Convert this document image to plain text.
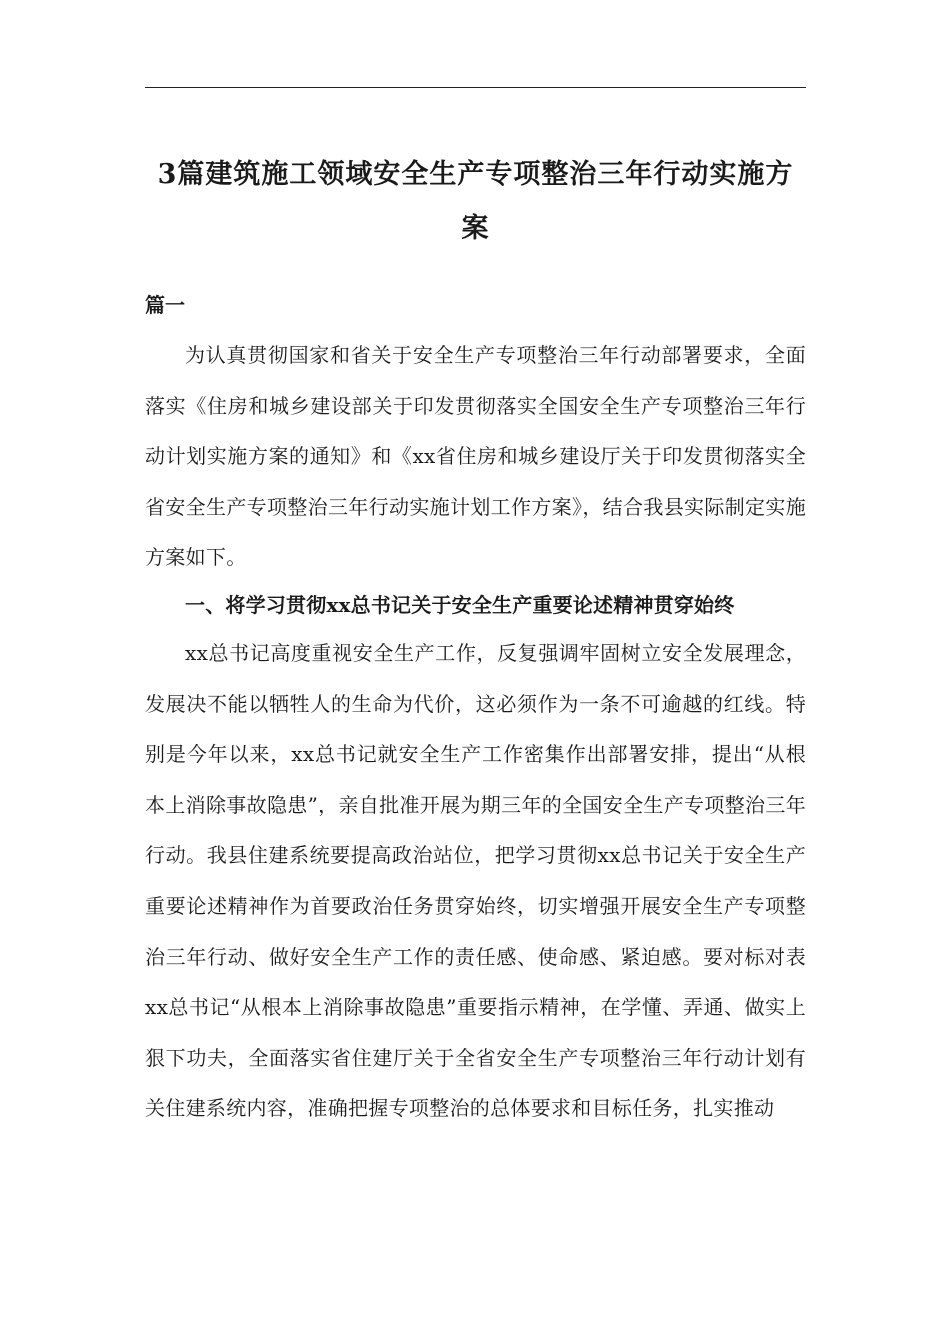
3篇建筑施工领域安全生产专项整治三年行动实施方案
篇一

为认真贯彻国家和省关于安全生产专项整治三年行动部署要求，全面落实《住房和城乡建设部关于印发贯彻落实全国安全生产专项整治三年行动计划实施方案的通知》和《xx省住房和城乡建设厅关于印发贯彻落实全省安全生产专项整治三年行动实施计划工作方案》，结合我县实际制定实施方案如下。

一、将学习贯彻xx总书记关于安全生产重要论述精神贯穿始终

xx总书记高度重视安全生产工作，反复强调牢固树立安全发展理念，发展决不能以牺牲人的生命为代价，这必须作为一条不可逾越的红线。特别是今年以来，xx总书记就安全生产工作密集作出部署安排，提出“从根本上消除事故隐患”，亲自批准开展为期三年的全国安全生产专项整治三年行动。我县住建系统要提高政治站位，把学习贯彻xx总书记关于安全生产重要论述精神作为首要政治任务贯穿始终，切实增强开展安全生产专项整治三年行动、做好安全生产工作的责任感、使命感、紧迫感。要对标对表xx总书记“从根本上消除事故隐患”重要指示精神，在学懂、弄通、做实上狠下功夫，全面落实省住建厅关于全省安全生产专项整治三年行动计划有关住建系统内容，准确把握专项整治的总体要求和目标任务，扎实推动
